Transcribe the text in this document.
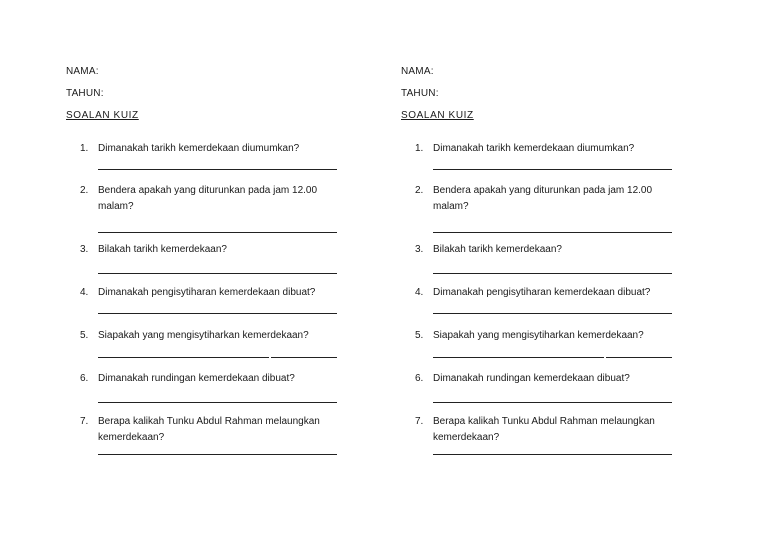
NAMA:
TAHUN:
SOALAN KUIZ
1. Dimanakah tarikh kemerdekaan diumumkan?
2. Bendera apakah yang diturunkan pada jam 12.00 malam?
3. Bilakah tarikh kemerdekaan?
4. Dimanakah pengisytiharan kemerdekaan dibuat?
5. Siapakah yang mengisytiharkan kemerdekaan?
6. Dimanakah rundingan kemerdekaan dibuat?
7. Berapa kalikah Tunku Abdul Rahman melaungkan kemerdekaan?
NAMA:
TAHUN:
SOALAN KUIZ
1. Dimanakah tarikh kemerdekaan diumumkan?
2. Bendera apakah yang diturunkan pada jam 12.00 malam?
3. Bilakah tarikh kemerdekaan?
4. Dimanakah pengisytiharan kemerdekaan dibuat?
5. Siapakah yang mengisytiharkan kemerdekaan?
6. Dimanakah rundingan kemerdekaan dibuat?
7. Berapa kalikah Tunku Abdul Rahman melaungkan kemerdekaan?
